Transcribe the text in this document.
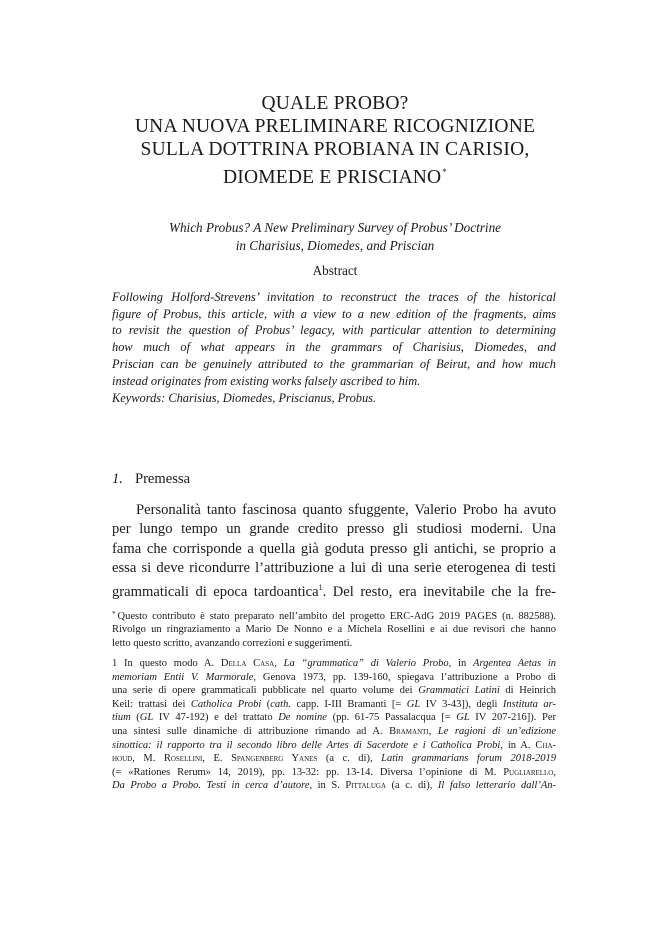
QUALE PROBO?
UNA NUOVA PRELIMINARE RICOGNIZIONE
SULLA DOTTRINA PROBIANA IN CARISIO,
DIOMEDE E PRISCIANO*
Which Probus? A New Preliminary Survey of Probus’ Doctrine
in Charisius, Diomedes, and Priscian
Abstract
Following Holford-Strevens’ invitation to reconstruct the traces of the historical
figure of Probus, this article, with a view to a new edition of the fragments, aims
to revisit the question of Probus’ legacy, with particular attention to determining
how much of what appears in the grammars of Charisius, Diomedes, and
Priscian can be genuinely attributed to the grammarian of Beirut, and how much
instead originates from existing works falsely ascribed to him.
Keywords: Charisius, Diomedes, Priscianus, Probus.
1. Premessa
Personalità tanto fascinosa quanto sfuggente, Valerio Probo ha avuto
per lungo tempo un grande credito presso gli studiosi moderni. Una
fama che corrisponde a quella già goduta presso gli antichi, se proprio a
essa si deve ricondurre l’attribuzione a lui di una serie eterogenea di testi
grammaticali di epoca tardoantica$^1$. Del resto, era inevitabile che la fre-
* Questo contributo è stato preparato nell’ambito del progetto ERC-AdG 2019 PAGES (n. 882588).
Rivolgo un ringraziamento a Mario De Nonno e a Michela Rosellini e ai due revisori che hanno
letto questo scritto, avanzando correzioni e suggerimenti.
1 In questo modo A. Della Casa, La “grammatica” di Valerio Probo, in Argentea Aetas in
memoriam Entii V. Marmorale, Genova 1973, pp. 139-160, spiegava l’attribuzione a Probo di
una serie di opere grammaticali pubblicate nel quarto volume dei Grammatici Latini di Heinrich
Keil: trattasi dei Catholica Probi (cath. capp. I-III Bramanti [= GL IV 3-43]), degli Instituta ar-
tium (GL IV 47-192) e del trattato De nomine (pp. 61-75 Passalacqua [= GL IV 207-216]). Per
una sintesi sulle dinamiche di attribuzione rimando ad A. Bramanti, Le ragioni di un’edizione
sinottica: il rapporto tra il secondo libro delle Artes di Sacerdote e i Catholica Probi, in A. Cha-
houd, M. Rosellini, E. Spangenberg Yanes (a c. di), Latin grammarians forum 2018-2019
(= «Rationes Rerum» 14, 2019), pp. 13-32: pp. 13-14. Diversa l’opinione di M. Pugliarello,
Da Probo a Probo. Testi in cerca d’autore, in S. Pittaluga (a c. di), Il falso letterario dall’An-
